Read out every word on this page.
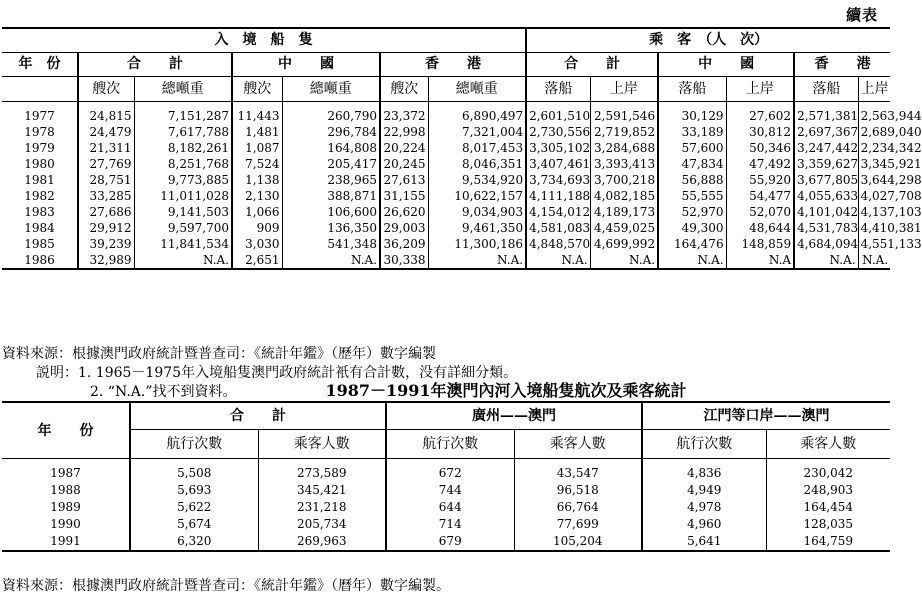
續表
入　境　船　隻							乘　客　（人　次）					
年　份	合　　計		中　　國		香　　港		合　　計		中　　國		香　　港	
	艘次	總噸重	艘次	總噸重	艘次	總噸重	落船	上岸	落船	上岸	落船	上岸
1977	24,815	7,151,287	11,443	260,790	23,372	6,890,497	2,601,510	2,591,546	30,129	27,602	2,571,381	2,563,944
1978	24,479	7,617,788	1,481	296,784	22,998	7,321,004	2,730,556	2,719,852	33,189	30,812	2,697,367	2,689,040
1979	21,311	8,182,261	1,087	164,808	20,224	8,017,453	3,305,102	3,284,688	57,600	50,346	3,247,442	2,234,342
1980	27,769	8,251,768	7,524	205,417	20,245	8,046,351	3,407,461	3,393,413	47,834	47,492	3,359,627	3,345,921
1981	28,751	9,773,885	1,138	238,965	27,613	9,534,920	3,734,693	3,700,218	56,888	55,920	3,677,805	3,644,298
1982	33,285	11,011,028	2,130	388,871	31,155	10,622,157	4,111,188	4,082,185	55,555	54,477	4,055,633	4,027,708
1983	27,686	9,141,503	1,066	106,600	26,620	9,034,903	4,154,012	4,189,173	52,970	52,070	4,101,042	4,137,103
1984	29,912	9,597,700	909	136,350	29,003	9,461,350	4,581,083	4,459,025	49,300	48,644	4,531,783	4,410,381
1985	39,239	11,841,534	3,030	541,348	36,209	11,300,186	4,848,570	4,699,992	164,476	148,859	4,684,094	4,551,133
1986	32,989	N.A.	2,651	N.A.	30,338	N.A.	N.A.	N.A.	N.A.	N.A	N.A.	N.A.
資料來源：根據澳門政府統計暨普查司：《統計年鑑》（歷年）數字編製
説明：1. 1965－1975年入境船隻澳門政府統計衹有合計數，没有詳細分類。
2. “N.A.”找不到資料。	1987－1991年澳門內河入境船隻航次及乘客統計
年　　份	合　　計		廣州——澳門		江門等口岸——澳門	
	航行次數	乘客人數	航行次數	乘客人數	航行次數	乘客人數
1987	5,508	273,589	672	43,547	4,836	230,042
1988	5,693	345,421	744	96,518	4,949	248,903
1989	5,622	231,218	644	66,764	4,978	164,454
1990	5,674	205,734	714	77,699	4,960	128,035
1991	6,320	269,963	679	105,204	5,641	164,759
資料來源：根據澳門政府統計暨普查司：《統計年鑑》（曆年）數字編製。
